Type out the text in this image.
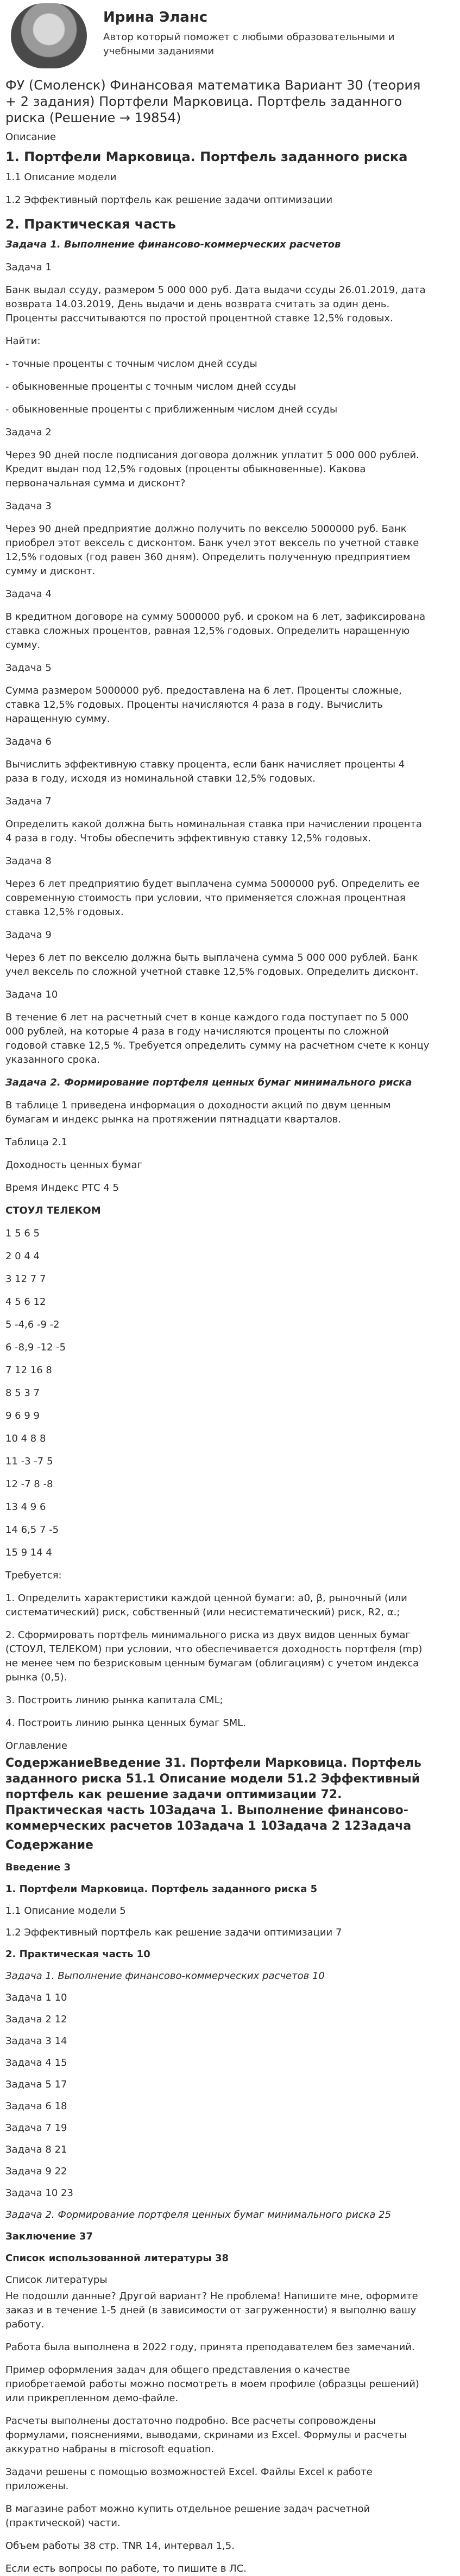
Ирина Эланс
Автор который поможет с любыми образовательными и учебными заданиями
ФУ (Смоленск) Финансовая математика Вариант 30 (теория + 2 задания) Портфели Марковица. Портфель заданного риска (Решение → 19854)
Описание
1. Портфели Марковица. Портфель заданного риска
1.1 Описание модели
1.2 Эффективный портфель как решение задачи оптимизации
2. Практическая часть
Задача 1. Выполнение финансово-коммерческих расчетов
Задача 1

Банк выдал ссуду, размером 5 000 000 руб. Дата выдачи ссуды 26.01.2019, дата возврата 14.03.2019, День выдачи и день возврата считать за один день. Проценты рассчитываются по простой процентной ставке 12,5% годовых.

Найти:
- точные проценты с точным числом дней ссуды
- обыкновенные проценты с точным числом дней ссуды
- обыкновенные проценты с приближенным числом дней ссуды
Задача 2

Через 90 дней после подписания договора должник уплатит 5 000 000 рублей. Кредит выдан под 12,5% годовых (проценты обыкновенные). Какова первоначальная сумма и дисконт?

Задача 3

Через 90 дней предприятие должно получить по векселю 5000000 руб. Банк приобрел этот вексель с дисконтом. Банк учел этот вексель по учетной ставке 12,5% годовых (год равен 360 дням). Определить полученную предприятием сумму и дисконт.

Задача 4

В кредитном договоре на сумму 5000000 руб. и сроком на 6 лет, зафиксирована ставка сложных процентов, равная 12,5% годовых. Определить наращенную сумму.

Задача 5

Сумма размером 5000000 руб. предоставлена на 6 лет. Проценты сложные, ставка 12,5% годовых. Проценты начисляются 4 раза в году. Вычислить наращенную сумму.

Задача 6

Вычислить эффективную ставку процента, если банк начисляет проценты 4 раза в году, исходя из номинальной ставки 12,5% годовых.

Задача 7

Определить какой должна быть номинальная ставка при начислении процента 4 раза в году. Чтобы обеспечить эффективную ставку 12,5% годовых.

Задача 8

Через 6 лет предприятию будет выплачена сумма 5000000 руб. Определить ее современную стоимость при условии, что применяется сложная процентная ставка 12,5% годовых.

Задача 9

Через 6 лет по векселю должна быть выплачена сумма 5 000 000 рублей. Банк учел вексель по сложной учетной ставке 12,5% годовых. Определить дисконт.

Задача 10

В течение 6 лет на расчетный счет в конце каждого года поступает по 5 000 000 рублей, на которые 4 раза в году начисляются проценты по сложной годовой ставке 12,5 %. Требуется определить сумму на расчетном счете к концу указанного срока.

Задача 2. Формирование портфеля ценных бумаг минимального риска

В таблице 1 приведена информация о доходности акций по двум ценным бумагам и индекс рынка на протяжении пятнадцати кварталов.

Таблица 2.1
Доходность ценных бумаг
Время Индекс РТС 4 5
СТОУЛ ТЕЛЕКОМ
1 5 6 5
2 0 4 4
3 12 7 7
4 5 6 12
5 -4,6 -9 -2
6 -8,9 -12 -5
7 12 16 8
8 5 3 7
9 6 9 9
10 4 8 8
11 -3 -7 5
12 -7 8 -8
13 4 9 6
14 6,5 7 -5
15 9 14 4
Требуется:

1. Определить характеристики каждой ценной бумаги: a0, β, рыночный (или систематический) риск, собственный (или несистематический) риск, R2, α.;

2. Сформировать портфель минимального риска из двух видов ценных бумаг (СТОУЛ, ТЕЛЕКОМ) при условии, что обеспечивается доходность портфеля (mp) не менее чем по безрисковым ценным бумагам (облигациям) с учетом индекса рынка (0,5).

3. Построить линию рынка капитала CML;

4. Построить линию рынка ценных бумаг SML.

Оглавление
СодержаниеВведение 31. Портфели Марковица. Портфель заданного риска 51.1 Описание модели 51.2 Эффективный портфель как решение задачи оптимизации 72. Практическая часть 10Задача 1. Выполнение финансово-коммерческих расчетов 10Задача 1 10Задача 2 12Задача
Содержание
Введение 3
1. Портфели Марковица. Портфель заданного риска 5
1.1 Описание модели 5
1.2 Эффективный портфель как решение задачи оптимизации 7
2. Практическая часть 10
Задача 1. Выполнение финансово-коммерческих расчетов 10
Задача 1 10
Задача 2 12
Задача 3 14
Задача 4 15
Задача 5 17
Задача 6 18
Задача 7 19
Задача 8 21
Задача 9 22
Задача 10 23
Задача 2. Формирование портфеля ценных бумаг минимального риска 25
Заключение 37
Список использованной литературы 38
Список литературы

Не подошли данные? Другой вариант? Не проблема! Напишите мне, оформите заказ и в течение 1-5 дней (в зависимости от загруженности) я выполню вашу работу.

Работа была выполнена в 2022 году, принята преподавателем без замечаний.

Пример оформления задач для общего представления о качестве приобретаемой работы можно посмотреть в моем профиле (образцы решений) или прикрепленном демо-файле.

Расчеты выполнены достаточно подробно. Все расчеты сопровождены формулами, пояснениями, выводами, скринами из Excel. Формулы и расчеты аккуратно набраны в microsoft equation.

Задачи решены с помощью возможностей Excel. Файлы Excel к работе приложены.

В магазине работ можно купить отдельное решение задач расчетной (практической) части.

Объем работы 38 стр. TNR 14, интервал 1,5.

Если есть вопросы по работе, то пишите в ЛС.
